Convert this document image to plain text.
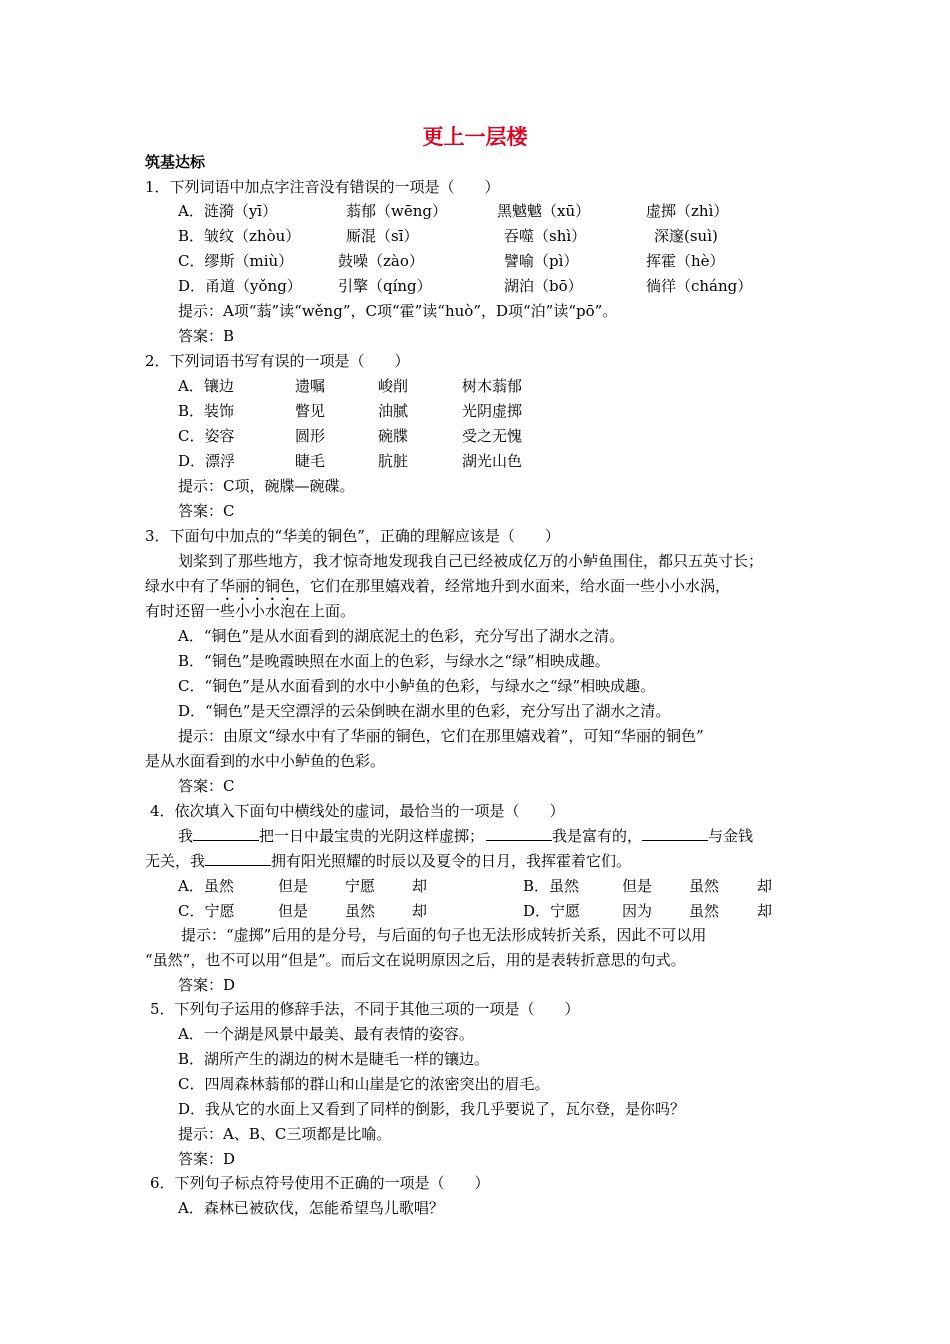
更上一层楼
筑基达标
1．下列词语中加点字注音没有错误的一项是（　　）
A．涟漪（yī）	蓊郁（wēng）	黑魆魆（xū）	虚掷（zhì）
B．皱纹（zhòu）	厮混（sī）	吞噬（shì）	深邃(suì)
C．缪斯（miù）	鼓噪（zào）	譬喻（pì）	挥霍（hè）
D．甬道（yǒng） 引擎（qíng）	湖泊（bō）	徜徉（cháng）
提示：A项“蓊”读“wěng”，C项“霍”读“huò”，D项“泊”读“pō”。
答案：B
2．下列词语书写有误的一项是（　　）
A．镶边	遗嘱	峻削	树木蓊郁
B．装饰	瞥见	油腻	光阴虚掷
C．姿容	圆形	碗牒	受之无愧
D．漂浮	睫毛	肮脏	湖光山色
提示：C项，碗牒—碗碟。
答案：C
3．下面句中加点的“华美的铜色”，正确的理解应该是（　　）
划桨到了那些地方，我才惊奇地发现我自己已经被成亿万的小鲈鱼围住，都只五英寸长；
绿水中有了华丽的铜色，它们在那里嬉戏着，经常地升到水面来，给水面一些小小水涡，
有时还留一些小小水泡在上面。
A．“铜色”是从水面看到的湖底泥土的色彩，充分写出了湖水之清。
B．“铜色”是晚霞映照在水面上的色彩，与绿水之“绿”相映成趣。
C．“铜色”是从水面看到的水中小鲈鱼的色彩，与绿水之“绿”相映成趣。
D．“铜色”是天空漂浮的云朵倒映在湖水里的色彩，充分写出了湖水之清。
提示：由原文“绿水中有了华丽的铜色，它们在那里嬉戏着”，可知“华丽的铜色”
是从水面看到的水中小鲈鱼的色彩。
答案：C
4．依次填入下面句中横线处的虚词，最恰当的一项是（　　）
我	把一日中最宝贵的光阴这样虚掷；	我是富有的，	与金钱
无关，我	拥有阳光照耀的时辰以及夏令的日月，我挥霍着它们。
A．虽然	但是 宁愿 却	B．虽然	但是 虽然	却
C．宁愿	但是 虽然 却	D．宁愿	因为 虽然	却
提示：“虚掷”后用的是分号，与后面的句子也无法形成转折关系，因此不可以用
“虽然”，也不可以用“但是”。而后文在说明原因之后，用的是表转折意思的句式。
答案：D
5．下列句子运用的修辞手法，不同于其他三项的一项是（　　）
A．一个湖是风景中最美、最有表情的姿容。
B．湖所产生的湖边的树木是睫毛一样的镶边。
C．四周森林蓊郁的群山和山崖是它的浓密突出的眉毛。
D．我从它的水面上又看到了同样的倒影，我几乎要说了，瓦尔登，是你吗？
提示：A、B、C三项都是比喻。
答案：D
6．下列句子标点符号使用不正确的一项是（　　）
A．森林已被砍伐，怎能希望鸟儿歌唱？
